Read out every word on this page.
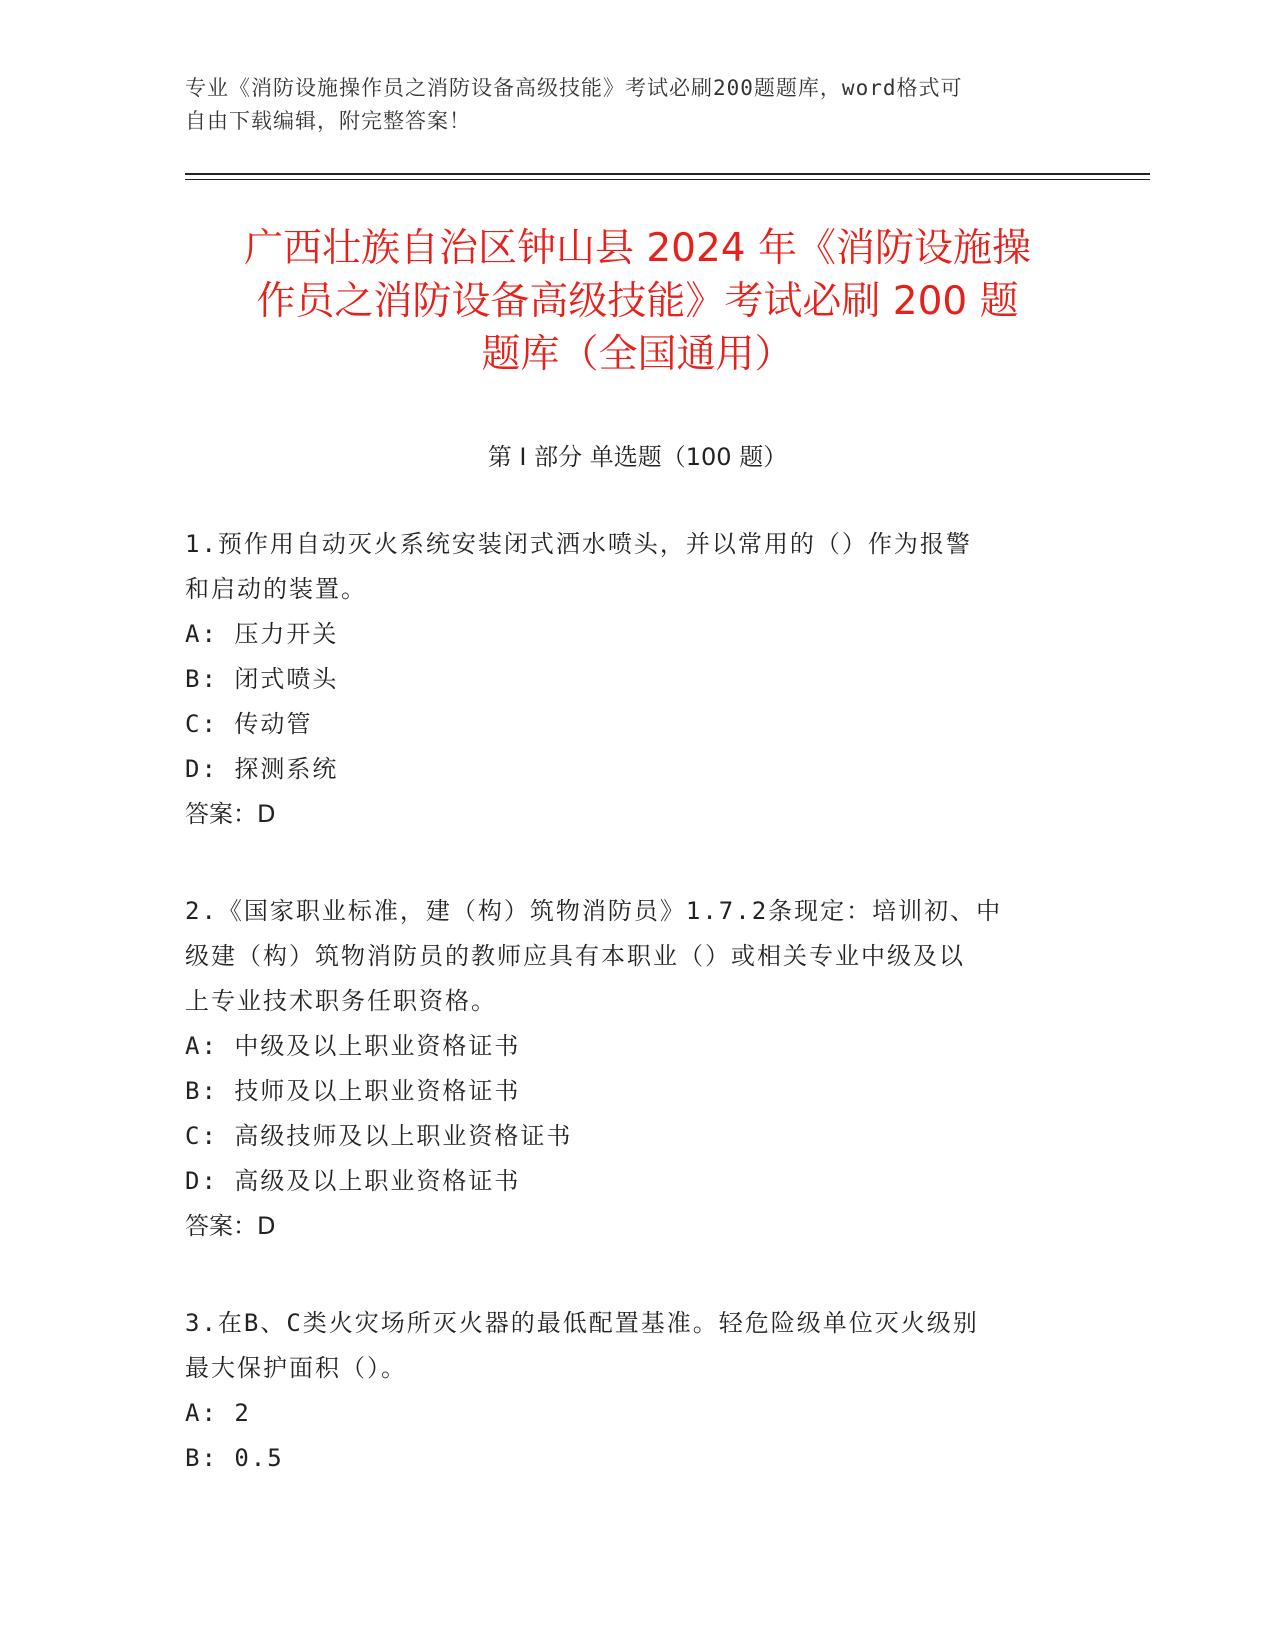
专业《消防设施操作员之消防设备高级技能》考试必刷200题题库，word格式可
自由下载编辑，附完整答案！
广西壮族自治区钟山县 2024 年《消防设施操
作员之消防设备高级技能》考试必刷 200 题
题库（全国通用）
第 I 部分 单选题（100 题）
1.预作用自动灭火系统安装闭式洒水喷头，并以常用的（）作为报警
和启动的装置。
A: 压力开关
B: 闭式喷头
C: 传动管
D: 探测系统
答案：D
2.《国家职业标准，建（构）筑物消防员》1.7.2条现定：培训初、中
级建（构）筑物消防员的教师应具有本职业（）或相关专业中级及以
上专业技术职务任职资格。
A: 中级及以上职业资格证书
B: 技师及以上职业资格证书
C: 高级技师及以上职业资格证书
D: 高级及以上职业资格证书
答案：D
3.在B、C类火灾场所灭火器的最低配置基准。轻危险级单位灭火级别
最大保护面积（）。
A: 2
B: 0.5
